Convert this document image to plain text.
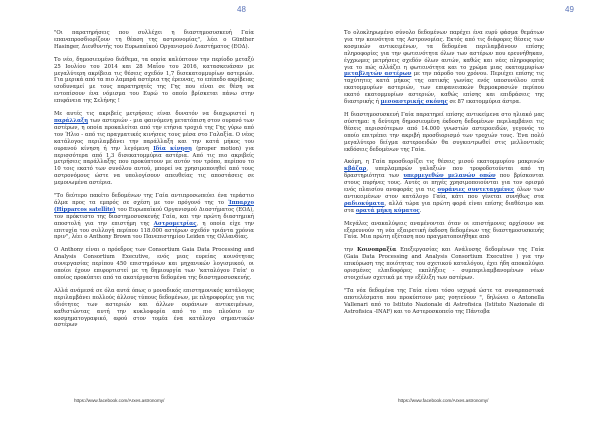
48

"Οι παρατηρήσεις που συλλέχει η διαστημοσυσκευή Γαία επαναπροσδιορίζουν τη θέαση της αστρονομίας", λέει ο Günther Hasinger, Διευθυντής του Ευρωπαϊκού Οργανισμού Διαστήματος (ΕΟΔ).

Το νέο, δημοσιευμένο διάθεμα, τα οποία καλύπτουν την περίοδο μεταξύ 25 Ιουλίου του 2014 και 28 Μαΐου του 2016, κατασκευάσαν με μεγαλύτερη ακρίβεια τις θέσεις σχεδόν 1,7 δισεκατομμυρίων αστεριών. Για μερικά από τα πιο λαμπρά αστέρια της έρευνας, το επίπεδο ακρίβειας ισοδυναμεί με τους παρατηρητές της Γης που είναι σε θέση να εντοπίσουν ένα νόμισμα του Ευρώ το οποίο βρίσκεται πάνω στην επιφάνεια της Σελήνης !

Με αυτές τις ακριβείς μετρήσεις είναι δυνατόν να διαχωριστεί η παράλλαξη των αστεριών - μια φαινόμενη μετατόπιση στον ουρανό των αστέρων, η οποία προκαλείται από την ετήσια τροχιά της Γης γύρω από τον Ήλιο - από τις πραγματικές κινήσεις τους μέσα στο Γαλαξία. Ο νέος κατάλογος περιλαμβάνει την παράλλαξη και την κατά μήκος του ουρανού κίνηση ή την λεγόμενη Ιδία κίνηση (proper motion) για περισσότερα από 1,3 δισεκατομμύρια αστέρια. Από τις πιο ακριβείς μετρήσεις παράλλαξης που προκύπτουν με αυτόν τον τρόπο, περίπου το 10 τοις εκατό των συνόλου αυτού, μπορεί να χρησιμοποιηθεί από τους αστρονόμους ώστε να υπολογίσουν απευθείας τις αποστάσεις σε μεμονωμένα αστέρια.

"Το δεύτερο πακέτο δεδομένων της Γαία αντιπροσωπεύει ένα τεράστιο άλμα προς τα εμπρός σε σχέση με τον πρόγονό της το Ίππαρχο (Hipparcos satellite) του Ευρωπαϊκού Οργανισμού Διαστήματος (ΕΟΔ), τον πρόκτιστο της διαστημοσυσκευής Γαία, και την πρώτη διαστημική αποστολή για την επιστήμη της Αστρομετρίας, η οποία είχε την επιτυχία του συλλογή περίπου 118.000 αστέρων σχεδόν τριάντα χρόνια πριν", λέει ο Anthony Brown του Πανεπιστημίου Leiden της Ολλανδίας.

Ο Anthony είναι ο πρόεδρος των Consortium Gaia Data Processing and Analysis Consortium Executive, ενός μιας ευρείας κοινότητας συνεργασίας περίπου 450 επιστημόνων και μηχανικών λογισμικού, οι οποίοι έχουν επιφορτιστεί με τη δημιουργία των 'καταλόγου Γαία' ο οποίος προκύπτει από τα ακατέργαστα δεδομένα της διαστημοσυσκευής.

Αλλά ανάμεσά σε όλα αυτά όπως ο μοναδικός επιστημονικός κατάλογος περιλαμβάνει πολλούς άλλους τύπους δεδομένων, με πληροφορίες για τις ιδιότητες των αστεριών και άλλων ουράνιων αντικειμένων, καθιστώντας αυτή την κυκλοφορία από το πιο πλούσιο εν κοσμηματογραφικό, αφού στον τομέα ένα κατάλογο σημαντικών αστέρων

https://www.facebook.com/Arxes.astronomy/
49

Το ολοκληρωμένο σύνολο δεδομένων παρέχει ένα ευρύ φάσμα θεμάτων για την κοινότητα της Αστρονομίας. Εκτός από τις διάφορες θέσεις των κοσμικών αντικειμένων, τα δεδομένα περιλαμβάνουν επίσης πληροφορίες για την φωτεινότητα όλων των αστέρων που ερευνήθηκαν, έγχρωμες μετρήσεις σχεδόν όλων αυτών, καθώς και νέες πληροφορίες για το πώς αλλάζει η φωτεινότητα και το χρώμα μιας εκατομμυρίων μεταβλητών αστέρων με την πάροδο του χρόνου. Περιέχει επίσης τις ταχύτητες κατά μήκος της οπτικής γωνίας ενός υποσυνόλου επτά εκατομμυρίων αστεριών, των επιφανειακών θερμοκρασιών περίπου εκατό εκατομμυρίων αστεριών, καθώς επίσης και επιδράσεις της διαστρικής ή μεσοαστρικής σκόνης σε 87 εκατομμύρια άστρα.

Η διαστημοσυσκευή Γαία παρατηρεί επίσης αντικείμενα στο ηλιακό μας σύστημα: η δεύτερη δημοσιευμένη έκδοση δεδομένων περιλαμβάνει τις θέσεις περισσότερων από 14.000 γνωστών αστεροειδών, γεγονός το οποίο επιτρέπει την ακριβή προσδιορισμό των τροχιών τους. Ένα πολύ μεγαλύτερο δείγμα αστεροειδών θα συγκεντρωθεί στις μελλοντικές εκδόσεις δεδομένων της Γαία.

Ακόμη, η Γαία προσδιορίζει τις θέσεις μισού εκατομμυρίου μακρινών κβάζαρ, υπερλαμπρών γαλαξιών που τροφοδοτούνται από τη δραστηριότητα των υπερμεγεθών μελανών οπών που βρίσκονται στους πυρήνες τους. Αυτές οι πηγές χρησιμοποιούνται για τον ορισμό ενός πλαισίου αναφοράς για τις ουράνιες συντεταγμένες όλων των αντικειμένων στον κατάλογο Γαία, κάτι που γίνεται συνήθως στα ραδιοκύματα, αλλά τώρα για πρώτη φορά είναι επίσης διαθέσιμο και στα ορατά μήκη κύματος.

Μεγάλες ανακαλύψεις αναμένονται όταν οι επιστήμονες αρχίσουν να εξερευνούν τη νέα εξαιρετική έκδοση δεδομένων της διαστημοσυσκευής Γαία. Μια πρώτη εξέταση που πραγματοποιήθηκε από

την Κοινοπραξία Επεξεργασίας και Ανάλυσης δεδομένων της Γαία (Gaia Data Processing and Analysis Consortium Executive ) για την επικύρωση της ποιότητας του σχετικού καταλόγου, έχει ήδη αποκαλύψει ορισμένες ελπιδοφόρες εκπλήξεις - συμπεριλαμβανομένων νέων στοιχείων σχετικά με την εξέλιξη των αστέρων.

"Τα νέα δεδομένα της Γαία είναι τόσο ισχυρά ώστε τα συναρπαστικά αποτελέσματα που προκύπτουν μας γοητεύουν ", δηλώνει ο Antonella Vallenari από το Istituto Nazionale di Astrofisica (Istituto Nazionale di Astrofisica -INAF) και το Αστεροσκοπείο της Πάντοβα

https://www.facebook.com/Arxes.astronomy/
